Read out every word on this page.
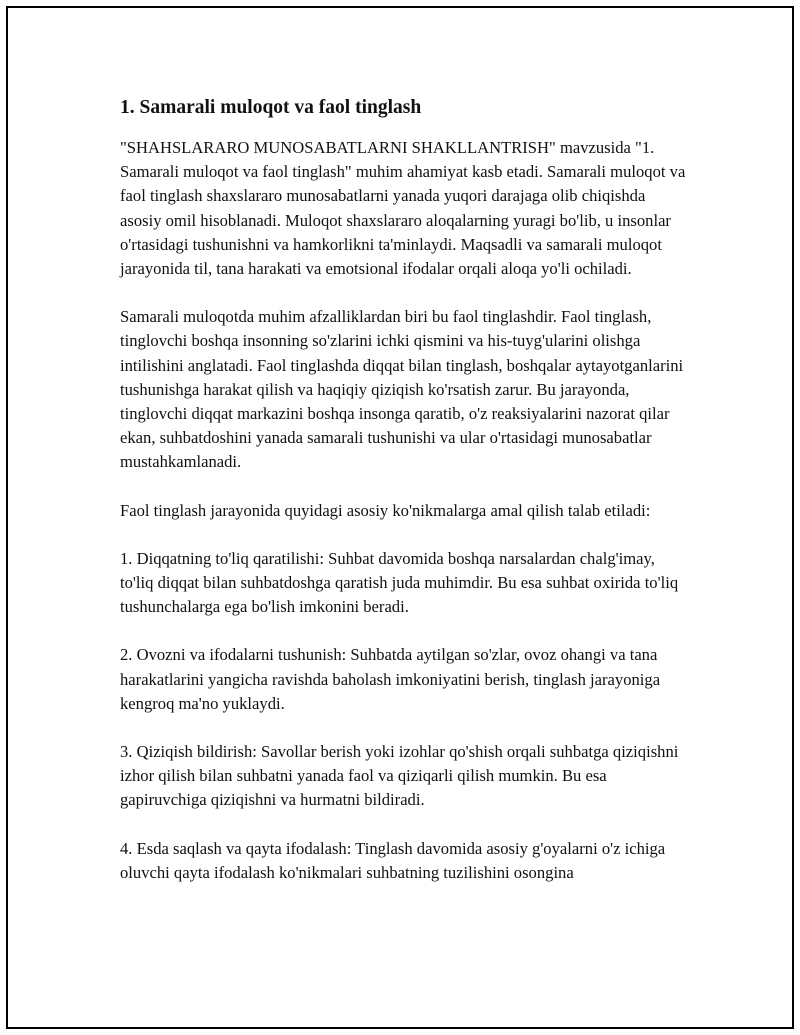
1. Samarali muloqot va faol tinglash

"SHAHSLARARO MUNOSABATLARNI SHAKLLANTRISH" mavzusida "1. Samarali muloqot va faol tinglash" muhim ahamiyat kasb etadi. Samarali muloqot va faol tinglash shaxslararo munosabatlarni yanada yuqori darajaga olib chiqishda asosiy omil hisoblanadi. Muloqot shaxslararo aloqalarning yuragi bo'lib, u insonlar o'rtasidagi tushunishni va hamkorlikni ta'minlaydi. Maqsadli va samarali muloqot jarayonida til, tana harakati va emotsional ifodalar orqali aloqa yo'li ochiladi.

Samarali muloqotda muhim afzalliklardan biri bu faol tinglashdir. Faol tinglash, tinglovchi boshqa insonning so'zlarini ichki qismini va his-tuyg'ularini olishga intilishini anglatadi. Faol tinglashda diqqat bilan tinglash, boshqalar aytayotganlarini tushunishga harakat qilish va haqiqiy qiziqish ko'rsatish zarur. Bu jarayonda, tinglovchi diqqat markazini boshqa insonga qaratib, o'z reaksiyalarini nazorat qilar ekan, suhbatdoshini yanada samarali tushunishi va ular o'rtasidagi munosabatlar mustahkamlanadi.

Faol tinglash jarayonida quyidagi asosiy ko'nikmalarga amal qilish talab etiladi:

1. Diqqatning to'liq qaratilishi: Suhbat davomida boshqa narsalardan chalg'imay, to'liq diqqat bilan suhbatdoshga qaratish juda muhimdir. Bu esa suhbat oxirida to'liq tushunchalarga ega bo'lish imkonini beradi.

2. Ovozni va ifodalarni tushunish: Suhbatda aytilgan so'zlar, ovoz ohangi va tana harakatlarini yangicha ravishda baholash imkoniyatini berish, tinglash jarayoniga kengroq ma'no yuklaydi.

3. Qiziqish bildirish: Savollar berish yoki izohlar qo'shish orqali suhbatga qiziqishni izhor qilish bilan suhbatni yanada faol va qiziqarli qilish mumkin. Bu esa gapiruvchiga qiziqishni va hurmatni bildiradi.

4. Esda saqlash va qayta ifodalash: Tinglash davomida asosiy g'oyalarni o'z ichiga oluvchi qayta ifodalash ko'nikmalari suhbatning tuzilishini osongina
